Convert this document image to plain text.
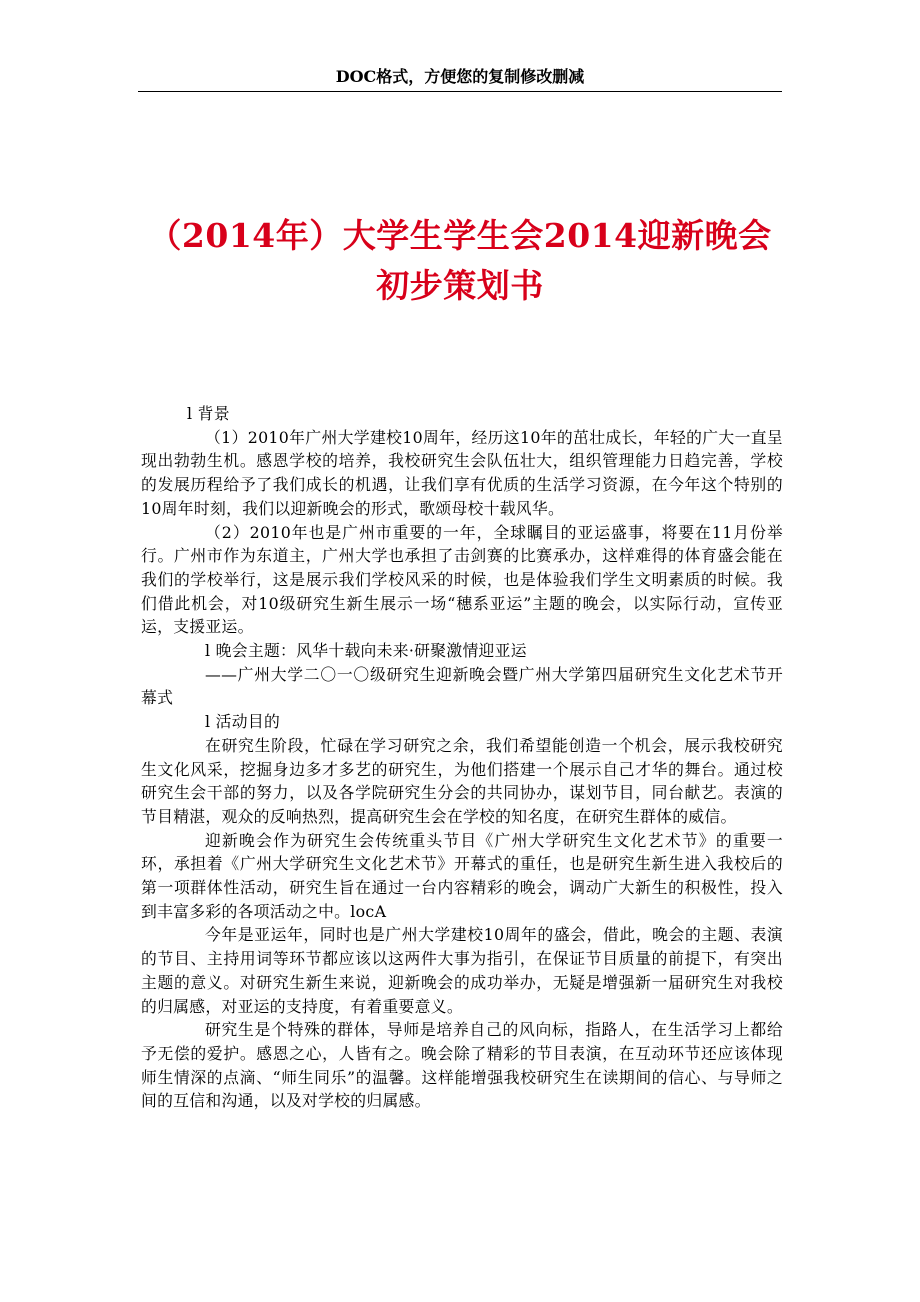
DOC格式，方便您的复制修改删减
（2014年）大学生学生会2014迎新晚会初步策划书

l 背景

（1）2010年广州大学建校10周年，经历这10年的茁壮成长，年轻的广大一直呈现出勃勃生机。感恩学校的培养，我校研究生会队伍壮大，组织管理能力日趋完善，学校的发展历程给予了我们成长的机遇，让我们享有优质的生活学习资源，在今年这个特别的10周年时刻，我们以迎新晚会的形式，歌颂母校十载风华。

（2）2010年也是广州市重要的一年，全球瞩目的亚运盛事，将要在11月份举行。广州市作为东道主，广州大学也承担了击剑赛的比赛承办，这样难得的体育盛会能在我们的学校举行，这是展示我们学校风采的时候，也是体验我们学生文明素质的时候。我们借此机会，对10级研究生新生展示一场“穗系亚运”主题的晚会，以实际行动，宣传亚运，支援亚运。

l 晚会主题：风华十载向未来·研聚激情迎亚运

——广州大学二〇一〇级研究生迎新晚会暨广州大学第四届研究生文化艺术节开幕式

l 活动目的

在研究生阶段，忙碌在学习研究之余，我们希望能创造一个机会，展示我校研究生文化风采，挖掘身边多才多艺的研究生，为他们搭建一个展示自己才华的舞台。通过校研究生会干部的努力，以及各学院研究生分会的共同协办，谋划节目，同台献艺。表演的节目精湛，观众的反响热烈，提高研究生会在学校的知名度，在研究生群体的威信。

迎新晚会作为研究生会传统重头节目《广州大学研究生文化艺术节》的重要一环，承担着《广州大学研究生文化艺术节》开幕式的重任，也是研究生新生进入我校后的第一项群体性活动，研究生旨在通过一台内容精彩的晚会，调动广大新生的积极性，投入到丰富多彩的各项活动之中。locA

今年是亚运年，同时也是广州大学建校10周年的盛会，借此，晚会的主题、表演的节目、主持用词等环节都应该以这两件大事为指引，在保证节目质量的前提下，有突出主题的意义。对研究生新生来说，迎新晚会的成功举办，无疑是增强新一届研究生对我校的归属感，对亚运的支持度，有着重要意义。

研究生是个特殊的群体，导师是培养自己的风向标，指路人，在生活学习上都给予无偿的爱护。感恩之心，人皆有之。晚会除了精彩的节目表演，在互动环节还应该体现师生情深的点滴、“师生同乐”的温馨。这样能增强我校研究生在读期间的信心、与导师之间的互信和沟通，以及对学校的归属感。
